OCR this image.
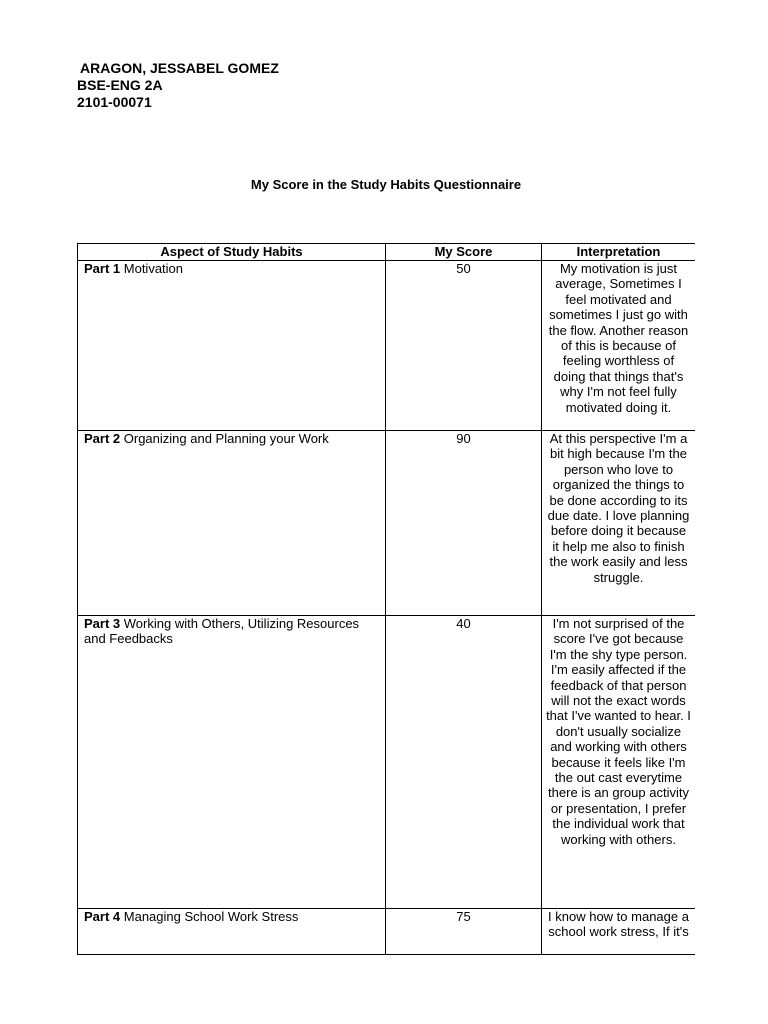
ARAGON, JESSABEL GOMEZ
BSE-ENG 2A
2101-00071
My Score in the Study Habits Questionnaire
Aspect of Study Habits	My Score	Interpretation
Part 1 Motivation	50	My motivation is just average, Sometimes I feel motivated and sometimes I just go with the flow. Another reason of this is because of feeling worthless of doing that things that's why I'm not feel fully motivated doing it.
Part 2 Organizing and Planning your Work	90	At this perspective I'm a bit high because I'm the person who love to organized the things to be done according to its due date. I love planning before doing it because it help me also to finish the work easily and less struggle.
Part 3 Working with Others, Utilizing Resources and Feedbacks	40	I'm not surprised of the score I've got because I'm the shy type person. I'm easily affected if the feedback of that person will not the exact words that I've wanted to hear. I don't usually socialize and working with others because it feels like I'm the out cast everytime there is an group activity or presentation, I prefer the individual work that working with others.
Part 4 Managing School Work Stress	75	I know how to manage a school work stress, If it's
